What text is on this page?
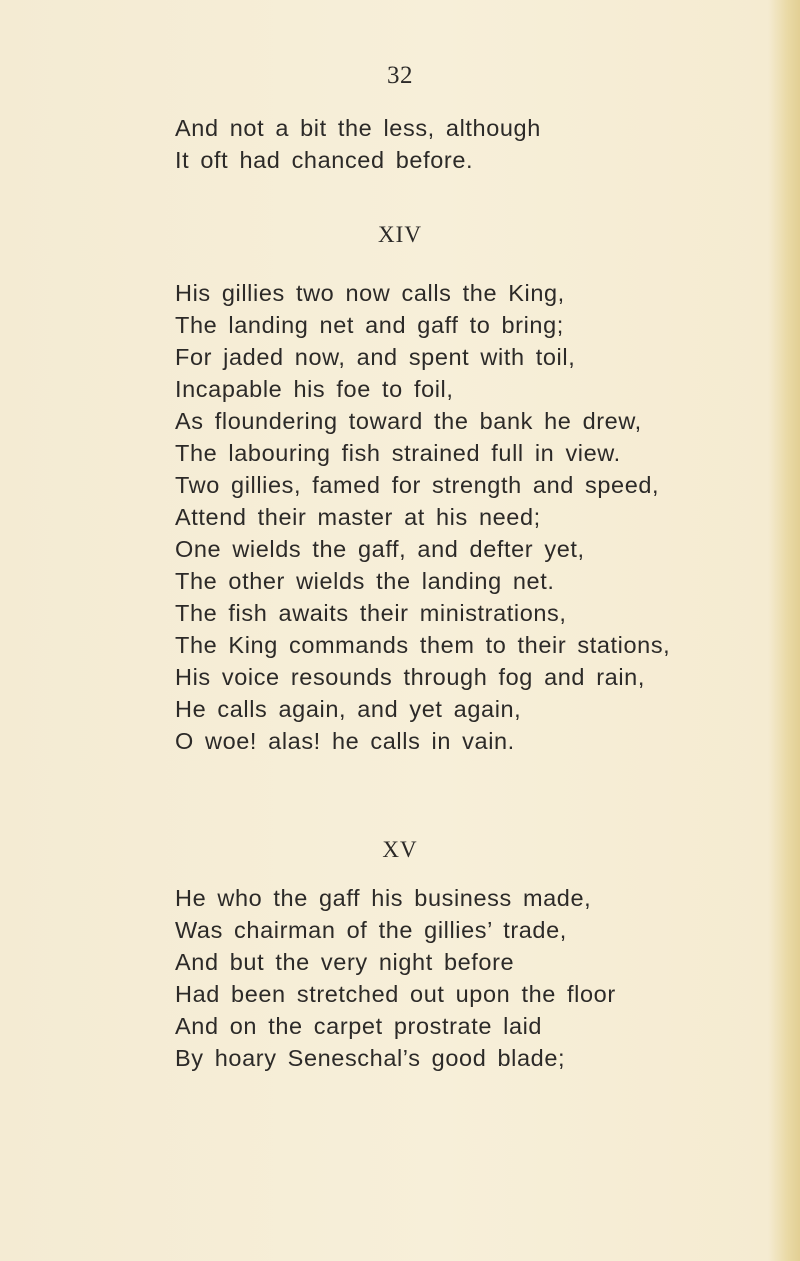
32
And not a bit the less, although
It oft had chanced before.
XIV
His gillies two now calls the King,
The landing net and gaff to bring;
For jaded now, and spent with toil,
Incapable his foe to foil,
As floundering toward the bank he drew,
The labouring fish strained full in view.
Two gillies, famed for strength and speed,
Attend their master at his need;
One wields the gaff, and defter yet,
The other wields the landing net.
The fish awaits their ministrations,
The King commands them to their stations,
His voice resounds through fog and rain,
He calls again, and yet again,
O woe! alas! he calls in vain.
XV
He who the gaff his business made,
Was chairman of the gillies’ trade,
And but the very night before
Had been stretched out upon the floor
And on the carpet prostrate laid
By hoary Seneschal’s good blade;
